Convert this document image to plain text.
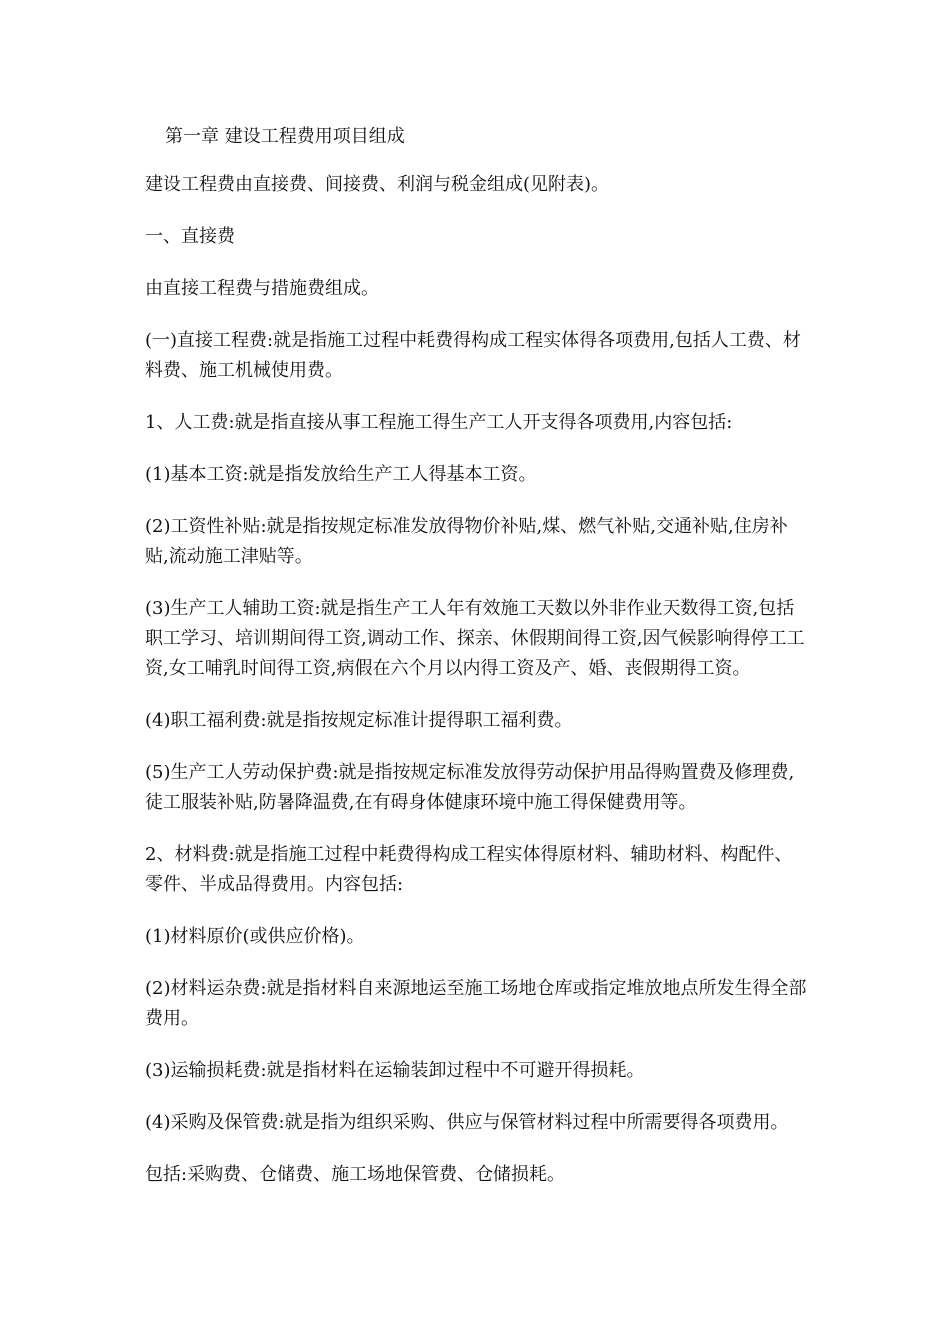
第一章 建设工程费用项目组成

建设工程费由直接费、间接费、利润与税金组成(见附表)。

一、直接费

由直接工程费与措施费组成。

(一)直接工程费:就是指施工过程中耗费得构成工程实体得各项费用,包括人工费、材料费、施工机械使用费。

1、人工费:就是指直接从事工程施工得生产工人开支得各项费用,内容包括:

(1)基本工资:就是指发放给生产工人得基本工资。

(2)工资性补贴:就是指按规定标准发放得物价补贴,煤、燃气补贴,交通补贴,住房补贴,流动施工津贴等。

(3)生产工人辅助工资:就是指生产工人年有效施工天数以外非作业天数得工资,包括职工学习、培训期间得工资,调动工作、探亲、休假期间得工资,因气候影响得停工工资,女工哺乳时间得工资,病假在六个月以内得工资及产、婚、丧假期得工资。

(4)职工福利费:就是指按规定标准计提得职工福利费。

(5)生产工人劳动保护费:就是指按规定标准发放得劳动保护用品得购置费及修理费,徒工服装补贴,防暑降温费,在有碍身体健康环境中施工得保健费用等。

2、材料费:就是指施工过程中耗费得构成工程实体得原材料、辅助材料、构配件、零件、半成品得费用。内容包括:

(1)材料原价(或供应价格)。

(2)材料运杂费:就是指材料自来源地运至施工场地仓库或指定堆放地点所发生得全部费用。

(3)运输损耗费:就是指材料在运输装卸过程中不可避开得损耗。

(4)采购及保管费:就是指为组织采购、供应与保管材料过程中所需要得各项费用。

包括:采购费、仓储费、施工场地保管费、仓储损耗。
